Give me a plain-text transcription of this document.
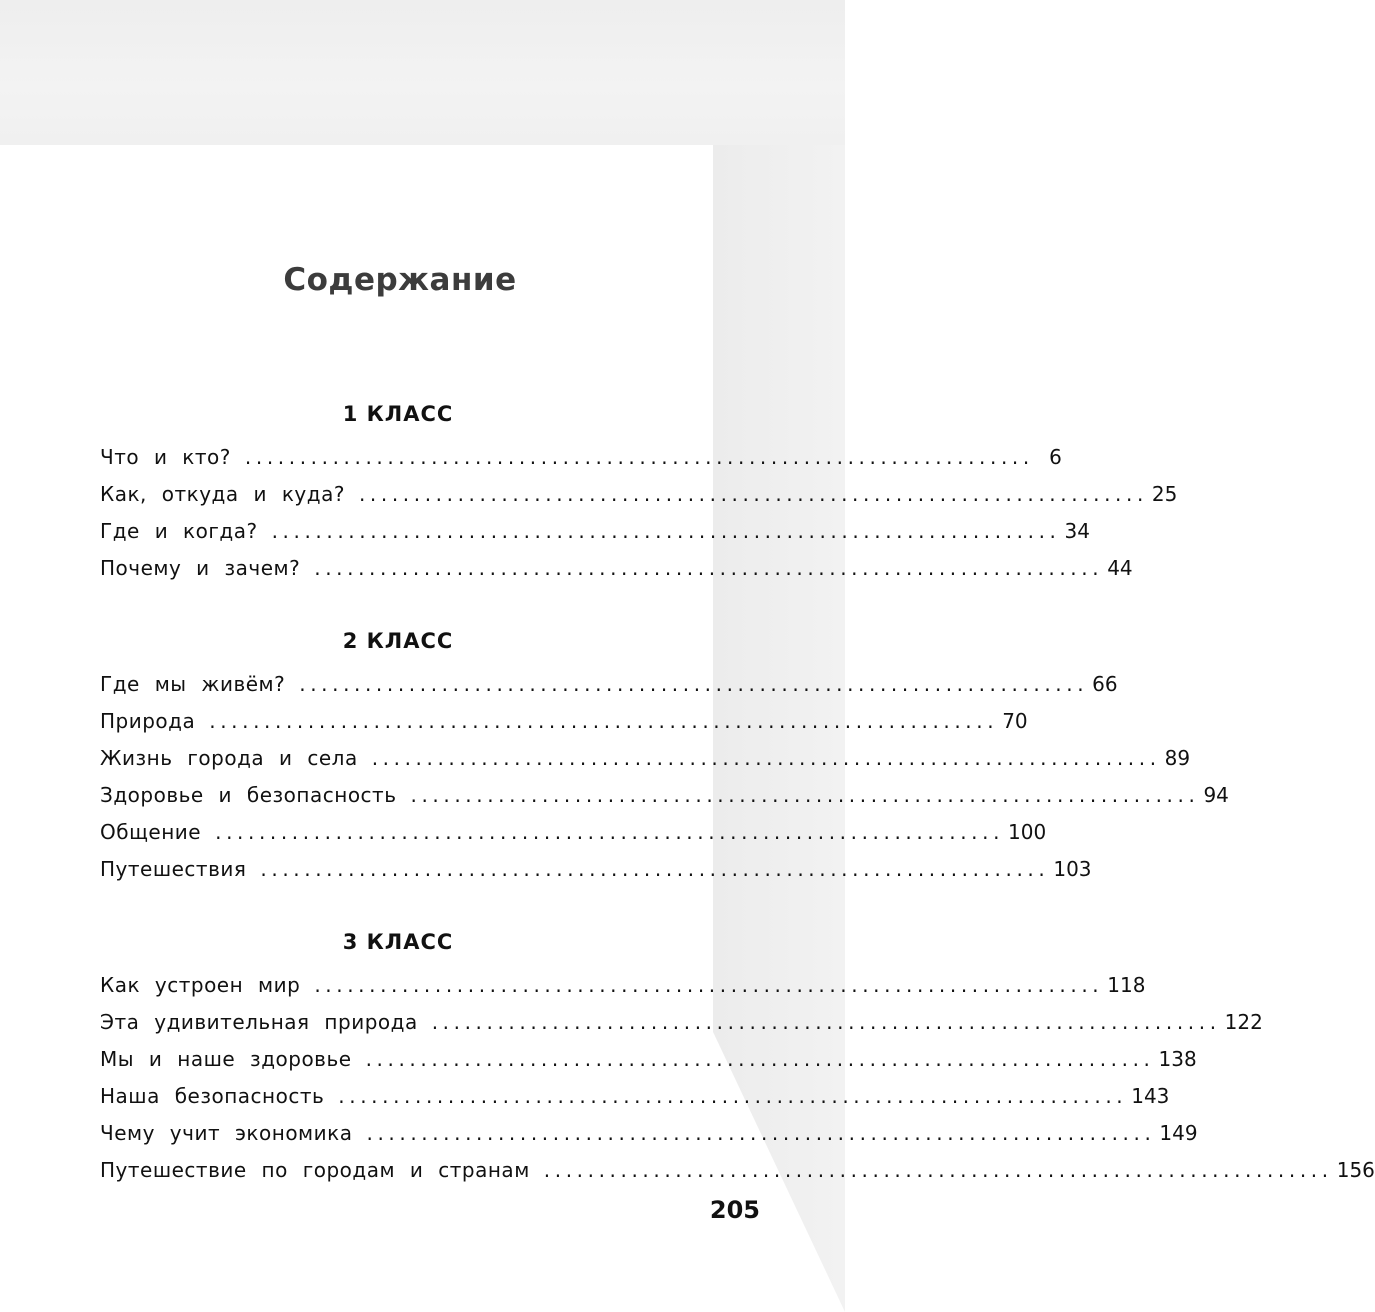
Содержание
1 КЛАСС
Что и кто? ........................................................................ 6
Как, откуда и куда? ........................................................................ 25
Где и когда? ........................................................................ 34
Почему и зачем? ........................................................................ 44
2 КЛАСС
Где мы живём? ........................................................................ 66
Природа ........................................................................ 70
Жизнь города и села ........................................................................ 89
Здоровье и безопасность ........................................................................ 94
Общение ........................................................................ 100
Путешествия ........................................................................ 103
3 КЛАСС
Как устроен мир ........................................................................ 118
Эта удивительная природа ........................................................................ 122
Мы и наше здоровье ........................................................................ 138
Наша безопасность ........................................................................ 143
Чему учит экономика ........................................................................ 149
Путешествие по городам и странам ........................................................................ 156
205
